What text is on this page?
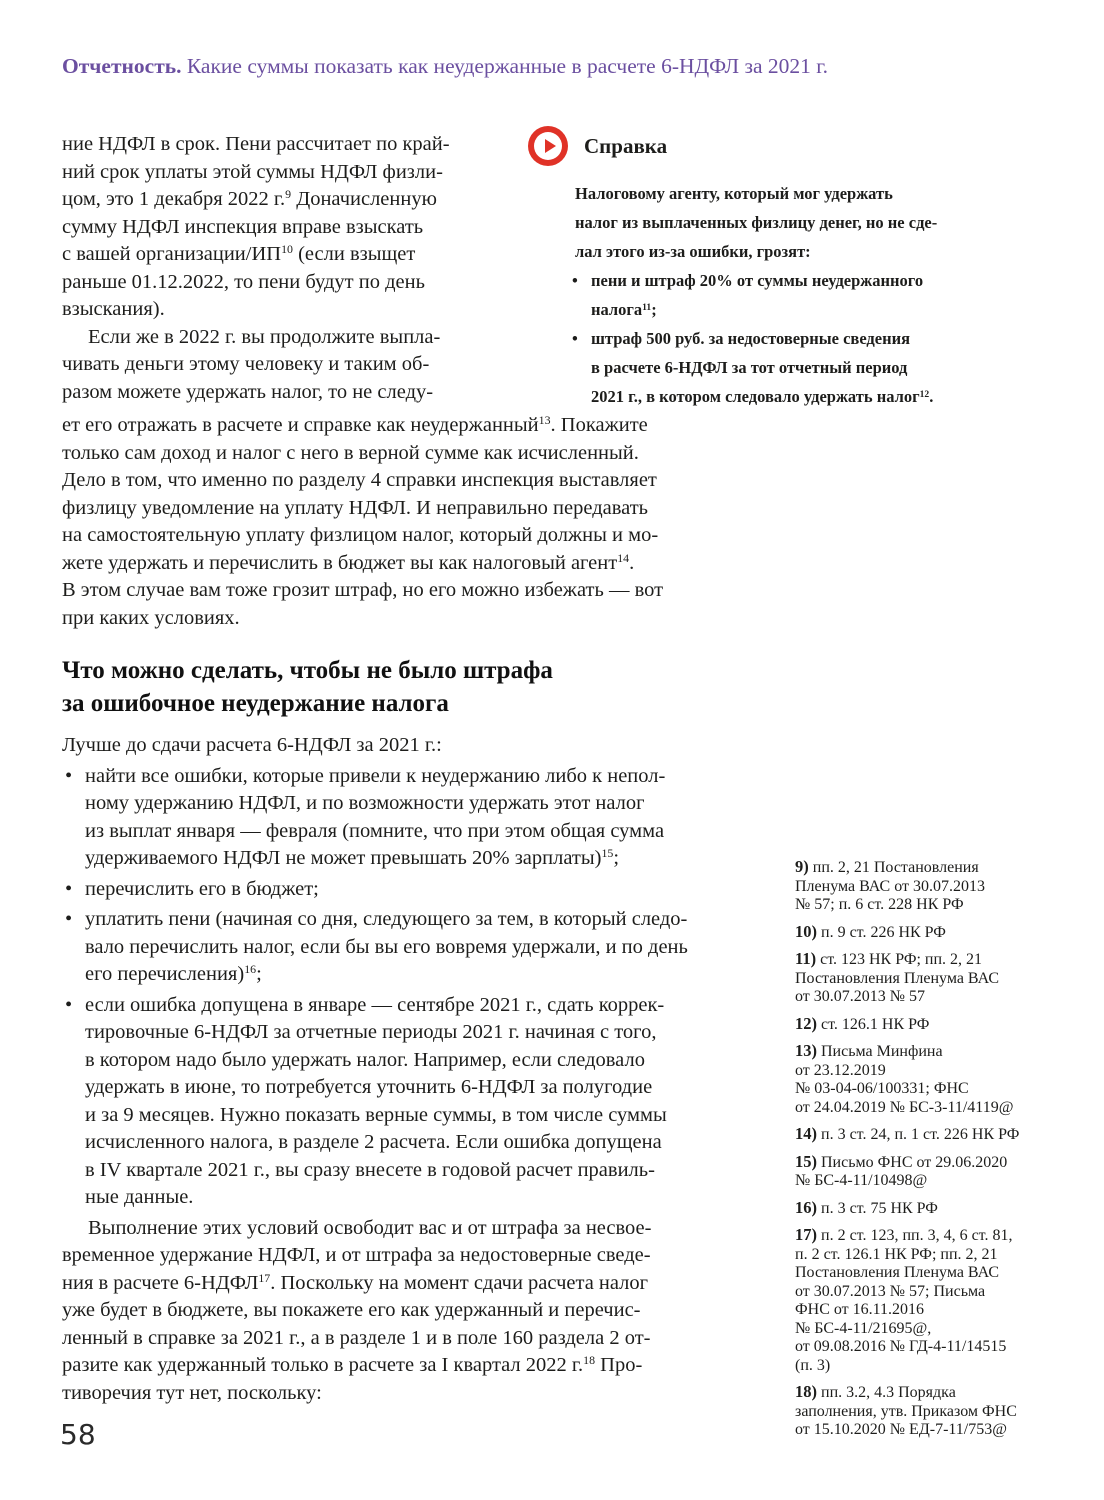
Отчетность. Какие суммы показать как неудержанные в расчете 6-НДФЛ за 2021 г.

ние НДФЛ в срок. Пени рассчитает по край-
ний срок уплаты этой суммы НДФЛ физли-
цом, это 1 декабря 2022 г.$^9$ Доначисленную
сумму НДФЛ инспекция вправе взыскать
с вашей организации/ИП$^{10}$ (если взыщет
раньше 01.12.2022, то пени будут по день
взыскания).

Если же в 2022 г. вы продолжите выпла-
чивать деньги этому человеку и таким об-
разом можете удержать налог, то не следу-

Справка

Налоговому агенту, который мог удержать
налог из выплаченных физлицу денег, но не сде-
лал этого из-за ошибки, грозят:

• пени и штраф 20% от суммы неудержанного
налога$^{11}$;

• штраф 500 руб. за недостоверные сведения
в расчете 6-НДФЛ за тот отчетный период
2021 г., в котором следовало удержать налог$^{12}$.

ет его отражать в расчете и справке как неудержанный$^{13}$. Покажите
только сам доход и налог с него в верной сумме как исчисленный.
Дело в том, что именно по разделу 4 справки инспекция выставляет
физлицу уведомление на уплату НДФЛ. И неправильно передавать
на самостоятельную уплату физлицом налог, который должны и мо-
жете удержать и перечислить в бюджет вы как налоговый агент$^{14}$.
В этом случае вам тоже грозит штраф, но его можно избежать — вот
при каких условиях.

Что можно сделать, чтобы не было штрафа
за ошибочное неудержание налога

Лучше до сдачи расчета 6-НДФЛ за 2021 г.:

• найти все ошибки, которые привели к неудержанию либо к непол-
ному удержанию НДФЛ, и по возможности удержать этот налог
из выплат января — февраля (помните, что при этом общая сумма
удерживаемого НДФЛ не может превышать 20% зарплаты)$^{15}$;

• перечислить его в бюджет;

• уплатить пени (начиная со дня, следующего за тем, в который следо-
вало перечислить налог, если бы вы его вовремя удержали, и по день
его перечисления)$^{16}$;

• если ошибка допущена в январе — сентябре 2021 г., сдать коррек-
тировочные 6-НДФЛ за отчетные периоды 2021 г. начиная с того,
в котором надо было удержать налог. Например, если следовало
удержать в июне, то потребуется уточнить 6-НДФЛ за полугодие
и за 9 месяцев. Нужно показать верные суммы, в том числе суммы
исчисленного налога, в разделе 2 расчета. Если ошибка допущена
в IV квартале 2021 г., вы сразу внесете в годовой расчет правиль-
ные данные.

Выполнение этих условий освободит вас и от штрафа за несвое-
временное удержание НДФЛ, и от штрафа за недостоверные сведе-
ния в расчете 6-НДФЛ$^{17}$. Поскольку на момент сдачи расчета налог
уже будет в бюджете, вы покажете его как удержанный и перечис-
ленный в справке за 2021 г., а в разделе 1 и в поле 160 раздела 2 от-
разите как удержанный только в расчете за I квартал 2022 г.$^{18}$ Про-
тиворечия тут нет, поскольку:

9) пп. 2, 21 Постановления
Пленума ВАС от 30.07.2013
№ 57; п. 6 ст. 228 НК РФ

10) п. 9 ст. 226 НК РФ

11) ст. 123 НК РФ; пп. 2, 21
Постановления Пленума ВАС
от 30.07.2013 № 57

12) ст. 126.1 НК РФ

13) Письма Минфина
от 23.12.2019
№ 03-04-06/100331; ФНС
от 24.04.2019 № БС-3-11/4119@

14) п. 3 ст. 24, п. 1 ст. 226 НК РФ

15) Письмо ФНС от 29.06.2020
№ БС-4-11/10498@

16) п. 3 ст. 75 НК РФ

17) п. 2 ст. 123, пп. 3, 4, 6 ст. 81,
п. 2 ст. 126.1 НК РФ; пп. 2, 21
Постановления Пленума ВАС
от 30.07.2013 № 57; Письма
ФНС от 16.11.2016
№ БС-4-11/21695@,
от 09.08.2016 № ГД-4-11/14515
(п. 3)

18) пп. 3.2, 4.3 Порядка
заполнения, утв. Приказом ФНС
от 15.10.2020 № ЕД-7-11/753@

58
